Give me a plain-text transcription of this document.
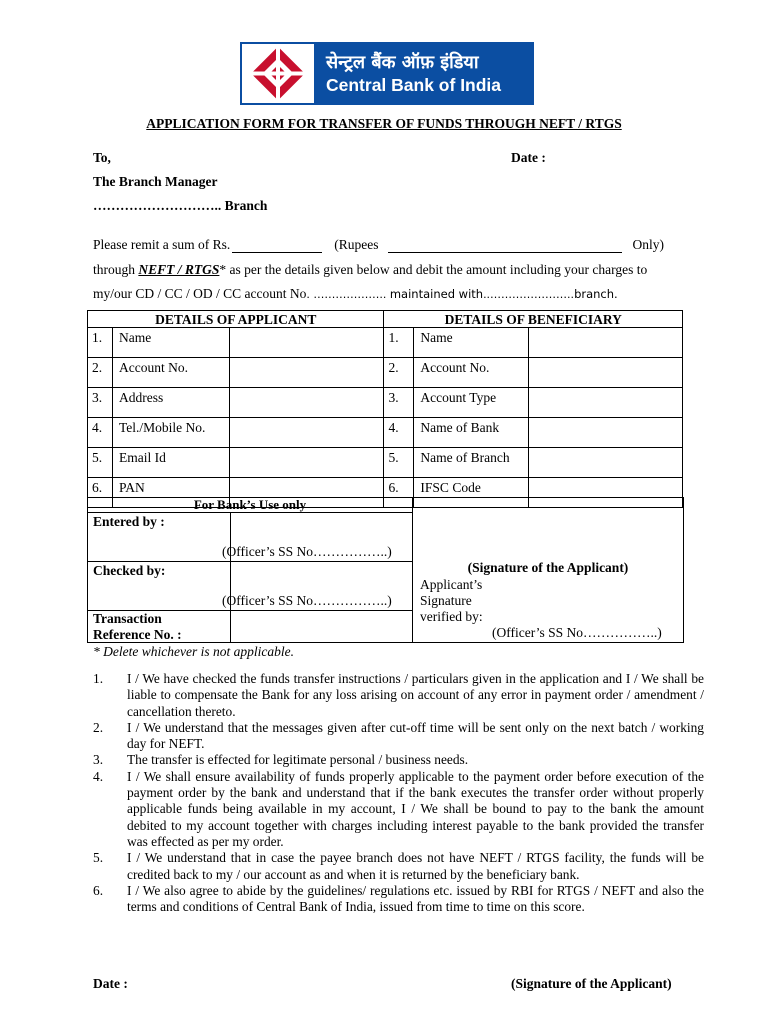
सेन्ट्रल बैंक ऑफ़ इंडिया
Central Bank of India
APPLICATION FORM FOR TRANSFER OF FUNDS THROUGH NEFT / RTGS
To,	Date :
The Branch Manager
……………………….. Branch
Please remit a sum of Rs.	(Rupees	Only)
through NEFT / RTGS* as per the details given below and debit the amount including your charges to
my/our CD / CC / OD / CC account No. ……………….. maintained with..…………………..branch.
DETAILS OF APPLICANT			DETAILS OF BENEFICIARY		
1.	Name		1.	Name	
2.	Account No.		2.	Account No.	
3.	Address		3.	Account Type	
4.	Tel./Mobile No.		4.	Name of Bank	
5.	Email Id		5.	Name of Branch	
6.	PAN		6.	IFSC Code	
For Bank’s Use only
Entered by :
(Officer’s SS No……………..)
Checked by:
(Officer’s SS No……………..)
Transaction
Reference No. :
(Signature of the Applicant)
Applicant’s
Signature
verified by:
(Officer’s SS No……………..)
* Delete whichever is not applicable.
1. I / We have checked the funds transfer instructions / particulars given in the application and I / We shall be liable to compensate the Bank for any loss arising on account of any error in payment order / amendment / cancellation thereto.
2. I / We understand that the messages given after cut-off time will be sent only on the next batch / working day for NEFT.
3. The transfer is effected for legitimate personal / business needs.
4. I / We shall ensure availability of funds properly applicable to the payment order before execution of the payment order by the bank and understand that if the bank executes the transfer order without properly applicable funds being available in my account, I / We shall be bound to pay to the bank the amount debited to my account together with charges including interest payable to the bank provided the transfer was effected as per my order.
5. I / We understand that in case the payee branch does not have NEFT / RTGS facility, the funds will be credited back to my / our account as and when it is returned by the beneficiary bank.
6. I / We also agree to abide by the guidelines/ regulations etc. issued by RBI for RTGS / NEFT and also the terms and conditions of Central Bank of India, issued from time to time on this score.
Date :	(Signature of the Applicant)
